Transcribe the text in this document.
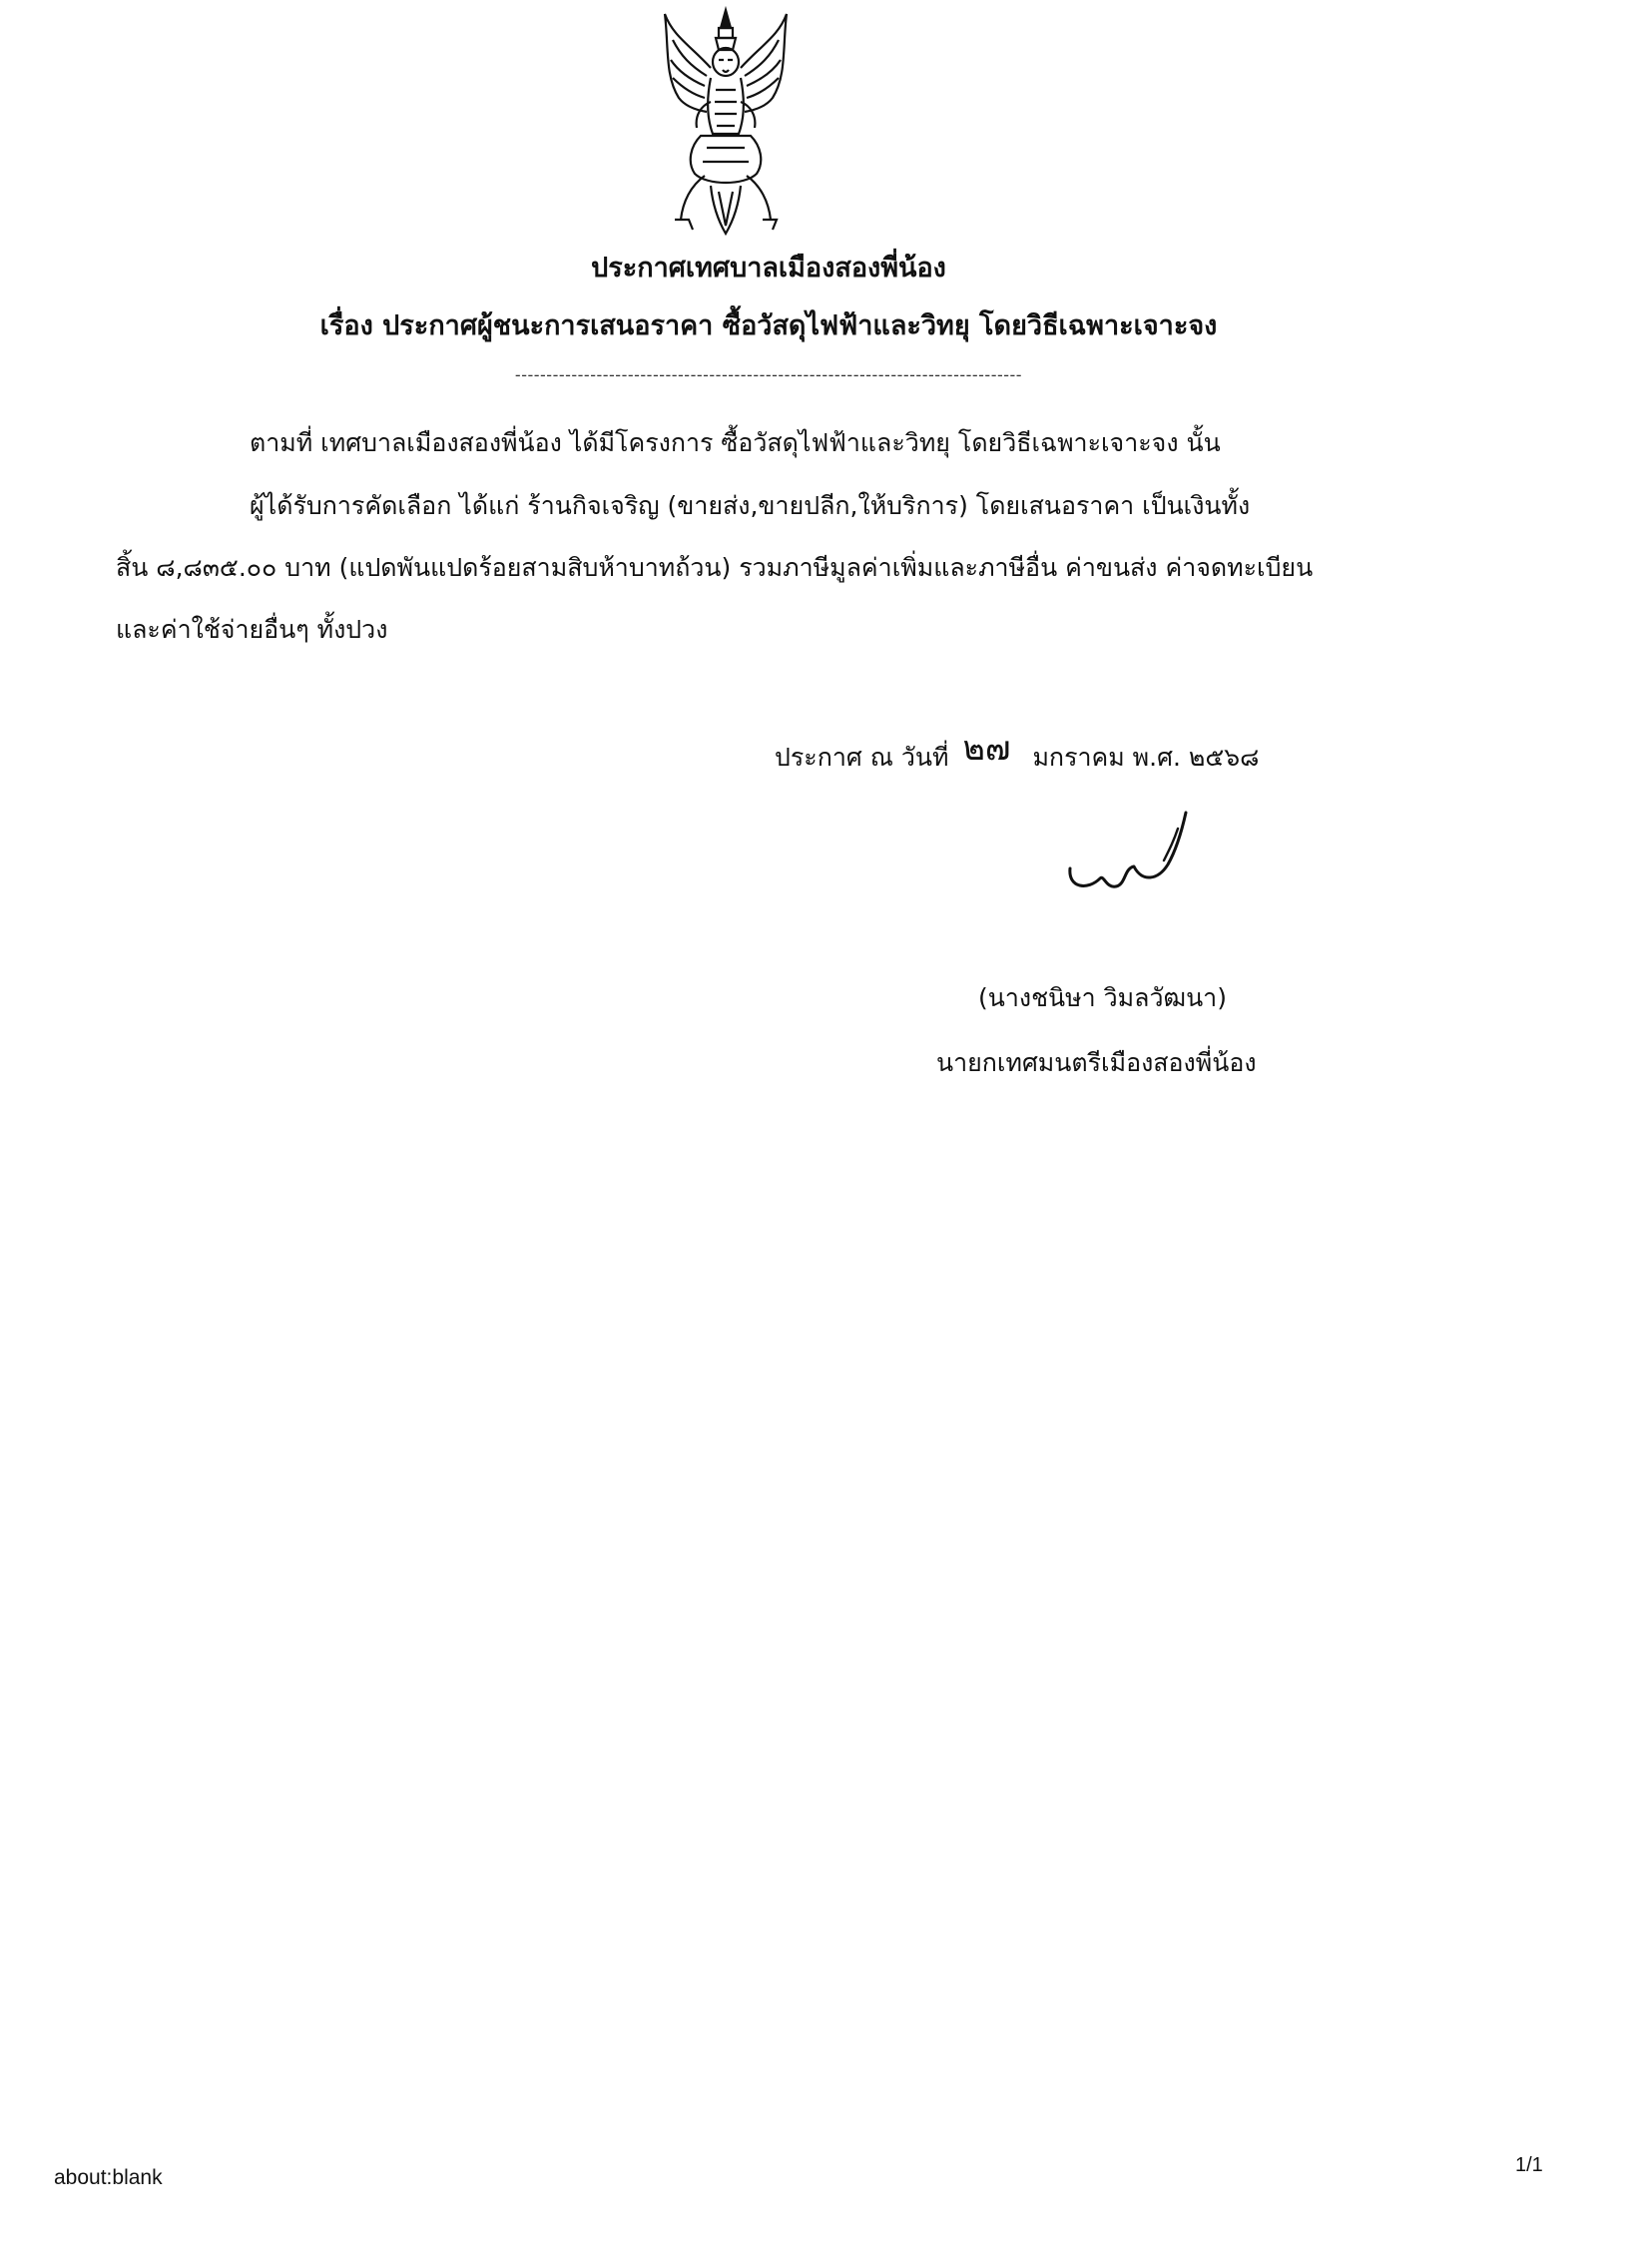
ประกาศเทศบาลเมืองสองพี่น้อง
เรื่อง ประกาศผู้ชนะการเสนอราคา ซื้อวัสดุไฟฟ้าและวิทยุ โดยวิธีเฉพาะเจาะจง
---------------------------------------------------------------------------------
ตามที่ เทศบาลเมืองสองพี่น้อง ได้มีโครงการ ซื้อวัสดุไฟฟ้าและวิทยุ โดยวิธีเฉพาะเจาะจง นั้น
ผู้ได้รับการคัดเลือก ได้แก่ ร้านกิจเจริญ (ขายส่ง,ขายปลีก,ให้บริการ) โดยเสนอราคา เป็นเงินทั้ง
สิ้น ๘,๘๓๕.๐๐ บาท (แปดพันแปดร้อยสามสิบห้าบาทถ้วน) รวมภาษีมูลค่าเพิ่มและภาษีอื่น ค่าขนส่ง ค่าจดทะเบียน
และค่าใช้จ่ายอื่นๆ ทั้งปวง
ประกาศ ณ วันที่ ๒๗ มกราคม พ.ศ. ๒๕๖๘
(นางชนิษา วิมลวัฒนา)
นายกเทศมนตรีเมืองสองพี่น้อง
about:blank
1/1
